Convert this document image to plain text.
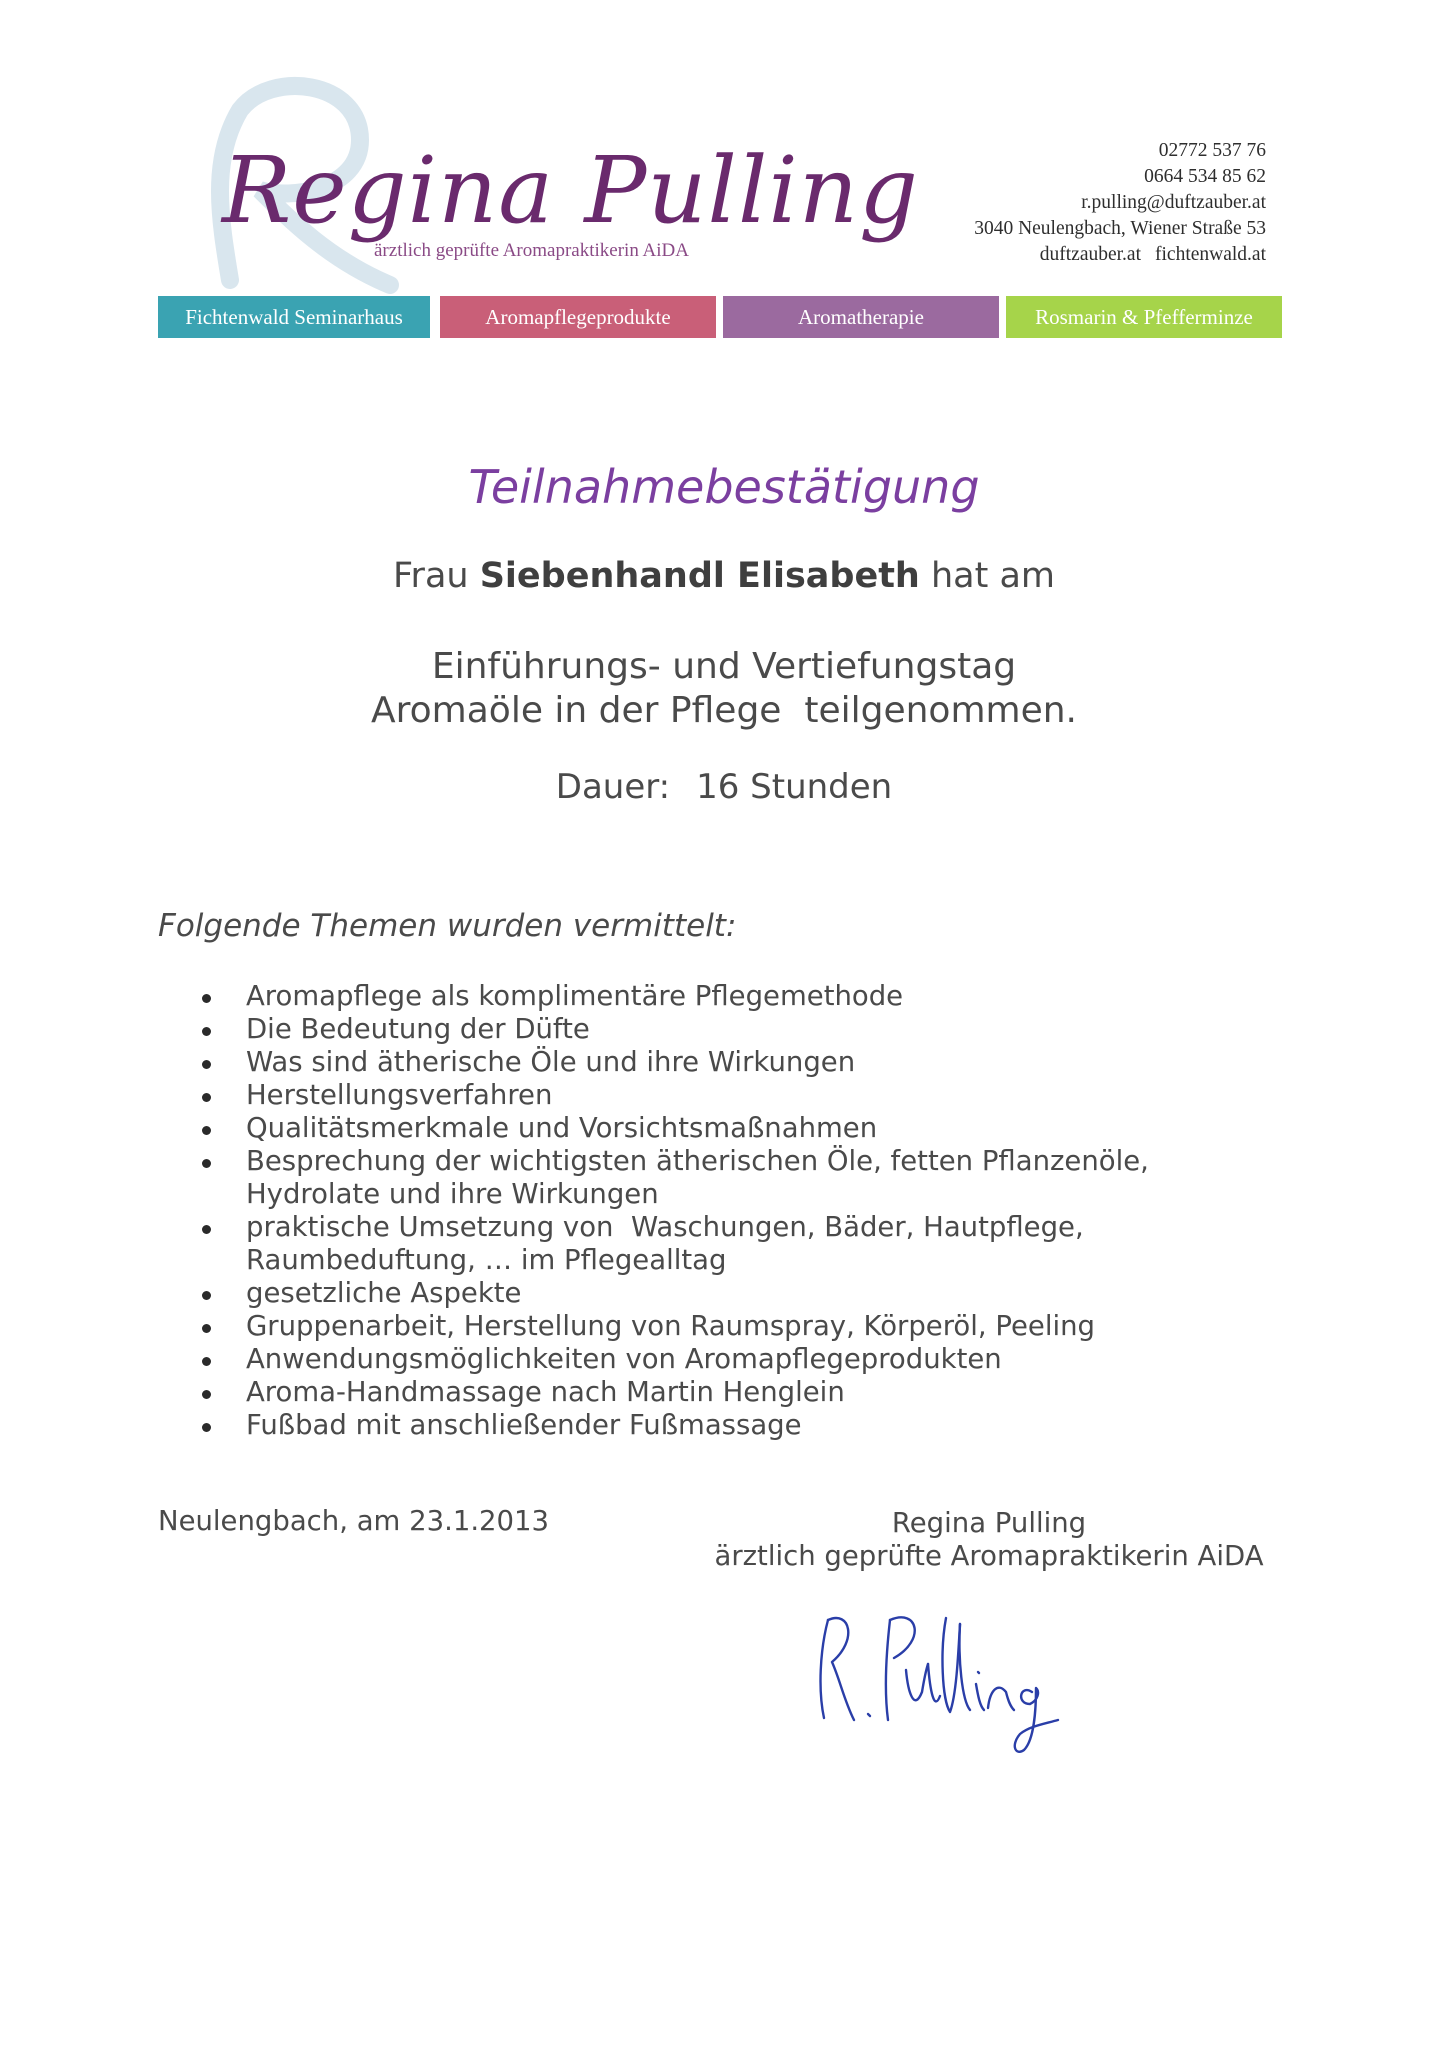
Regina Pulling
ärztlich geprüfte Aromapraktikerin AiDA
02772 537 76
0664 534 85 62
r.pulling@duftzauber.at
3040 Neulengbach, Wiener Straße 53
duftzauber.at fichtenwald.at
Fichtenwald Seminarhaus	Aromapflegeprodukte	Aromatherapie	Rosmarin & Pfefferminze
Teilnahmebestätigung
Frau Siebenhandl Elisabeth hat am
Einführungs- und Vertiefungstag
Aromaöle in der Pflege  teilgenommen.
Dauer: 16 Stunden
Folgende Themen wurden vermittelt:
Aromapflege als komplimentäre Pflegemethode
Die Bedeutung der Düfte
Was sind ätherische Öle und ihre Wirkungen
Herstellungsverfahren
Qualitätsmerkmale und Vorsichtsmaßnahmen
Besprechung der wichtigsten ätherischen Öle, fetten Pflanzenöle,
Hydrolate und ihre Wirkungen
praktische Umsetzung von  Waschungen, Bäder, Hautpflege,
Raumbeduftung, … im Pflegealltag
gesetzliche Aspekte
Gruppenarbeit, Herstellung von Raumspray, Körperöl, Peeling
Anwendungsmöglichkeiten von Aromapflegeprodukten
Aroma-Handmassage nach Martin Henglein
Fußbad mit anschließender Fußmassage
Neulengbach, am 23.1.2013	Regina Pulling
ärztlich geprüfte Aromapraktikerin AiDA
